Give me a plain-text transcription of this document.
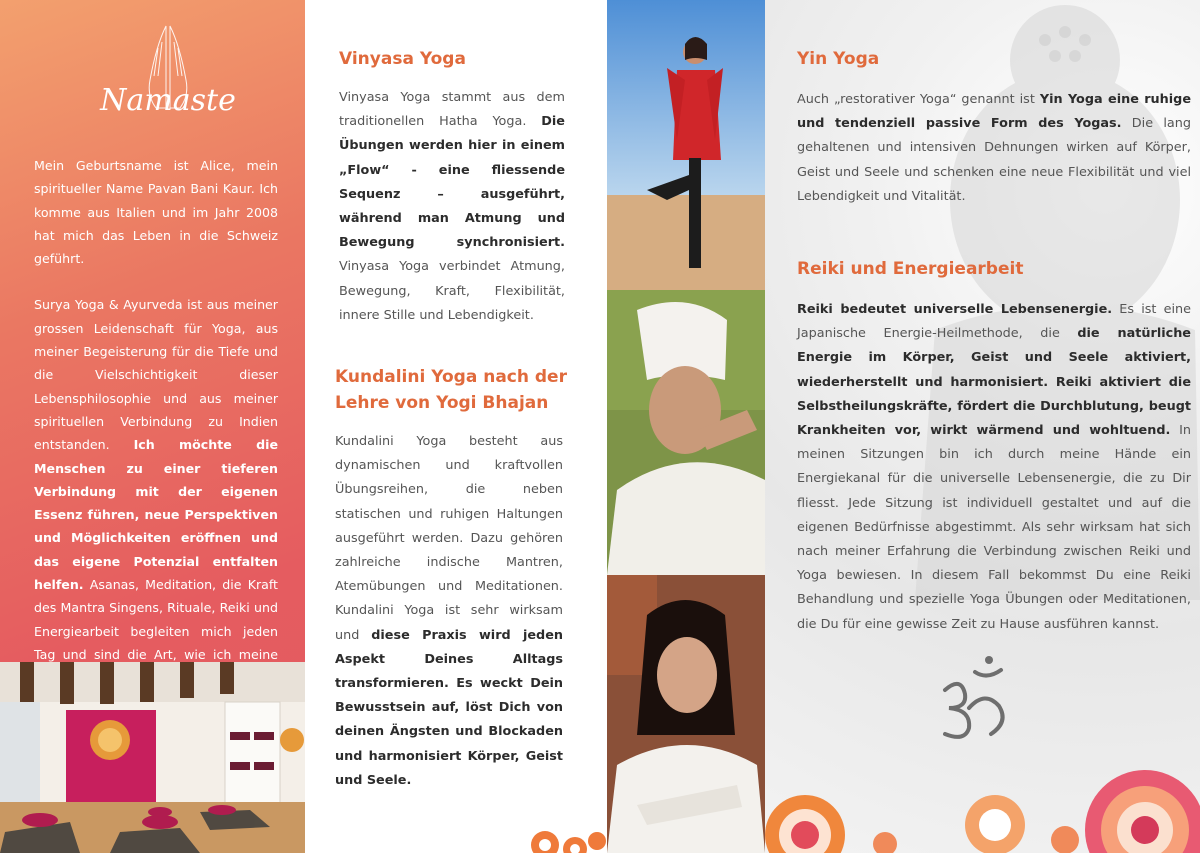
Namaste

Mein Geburtsname ist Alice, mein spiritueller Name Pavan Bani Kaur. Ich komme aus Italien und im Jahr 2008 hat mich das Leben in die Schweiz geführt.

Surya Yoga & Ayurveda ist aus meiner grossen Leidenschaft für Yoga, aus meiner Begeisterung für die Tiefe und die Vielschichtigkeit dieser Lebensphilosophie und aus meiner spirituellen Verbindung zu Indien entstanden. Ich möchte die Menschen zu einer tieferen Verbindung mit der eigenen Essenz führen, neue Perspektiven und Möglichkeiten eröffnen und das eigene Potenzial entfalten helfen. Asanas, Meditation, die Kraft des Mantra Singens, Rituale, Reiki und Energiearbeit begleiten mich jeden Tag und sind die Art, wie ich meine

Vinyasa Yoga
Vinyasa Yoga stammt aus dem traditionellen Hatha Yoga. Die Übungen werden hier in einem „Flow“ - eine fliessende Sequenz – ausgeführt, während man Atmung und Bewegung synchronisiert. Vinyasa Yoga verbindet Atmung, Bewegung, Kraft, Flexibilität, innere Stille und Lebendigkeit.
Kundalini Yoga nach der Lehre von Yogi Bhajan
Kundalini Yoga besteht aus dynamischen und kraftvollen Übungsreihen, die neben statischen und ruhigen Haltungen ausgeführt werden. Dazu gehören zahlreiche indische Mantren, Atemübungen und Meditationen. Kundalini Yoga ist sehr wirksam und diese Praxis wird jeden Aspekt Deines Alltags transformieren. Es weckt Dein Bewusstsein auf, löst Dich von deinen Ängsten und Blockaden und harmonisiert Körper, Geist und Seele.
Yin Yoga
Auch „restorativer Yoga“ genannt ist Yin Yoga eine ruhige und tendenziell passive Form des Yogas. Die lang gehaltenen und intensiven Dehnungen wirken auf Körper, Geist und Seele und schenken eine neue Flexibilität und viel Lebendigkeit und Vitalität.
Reiki und Energiearbeit
Reiki bedeutet universelle Lebensenergie. Es ist eine Japanische Energie-Heilmethode, die die natürliche Energie im Körper, Geist und Seele aktiviert, wiederherstellt und harmonisiert. Reiki aktiviert die Selbstheilungskräfte, fördert die Durchblutung, beugt Krankheiten vor, wirkt wärmend und wohltuend. In meinen Sitzungen bin ich durch meine Hände ein Energiekanal für die universelle Lebensenergie, die zu Dir fliesst. Jede Sitzung ist individuell gestaltet und auf die eigenen Bedürfnisse abgestimmt. Als sehr wirksam hat sich nach meiner Erfahrung die Verbindung zwischen Reiki und Yoga bewiesen. In diesem Fall bekommst Du eine Reiki Behandlung und spezielle Yoga Übungen oder Meditationen, die Du für eine gewisse Zeit zu Hause ausführen kannst.
